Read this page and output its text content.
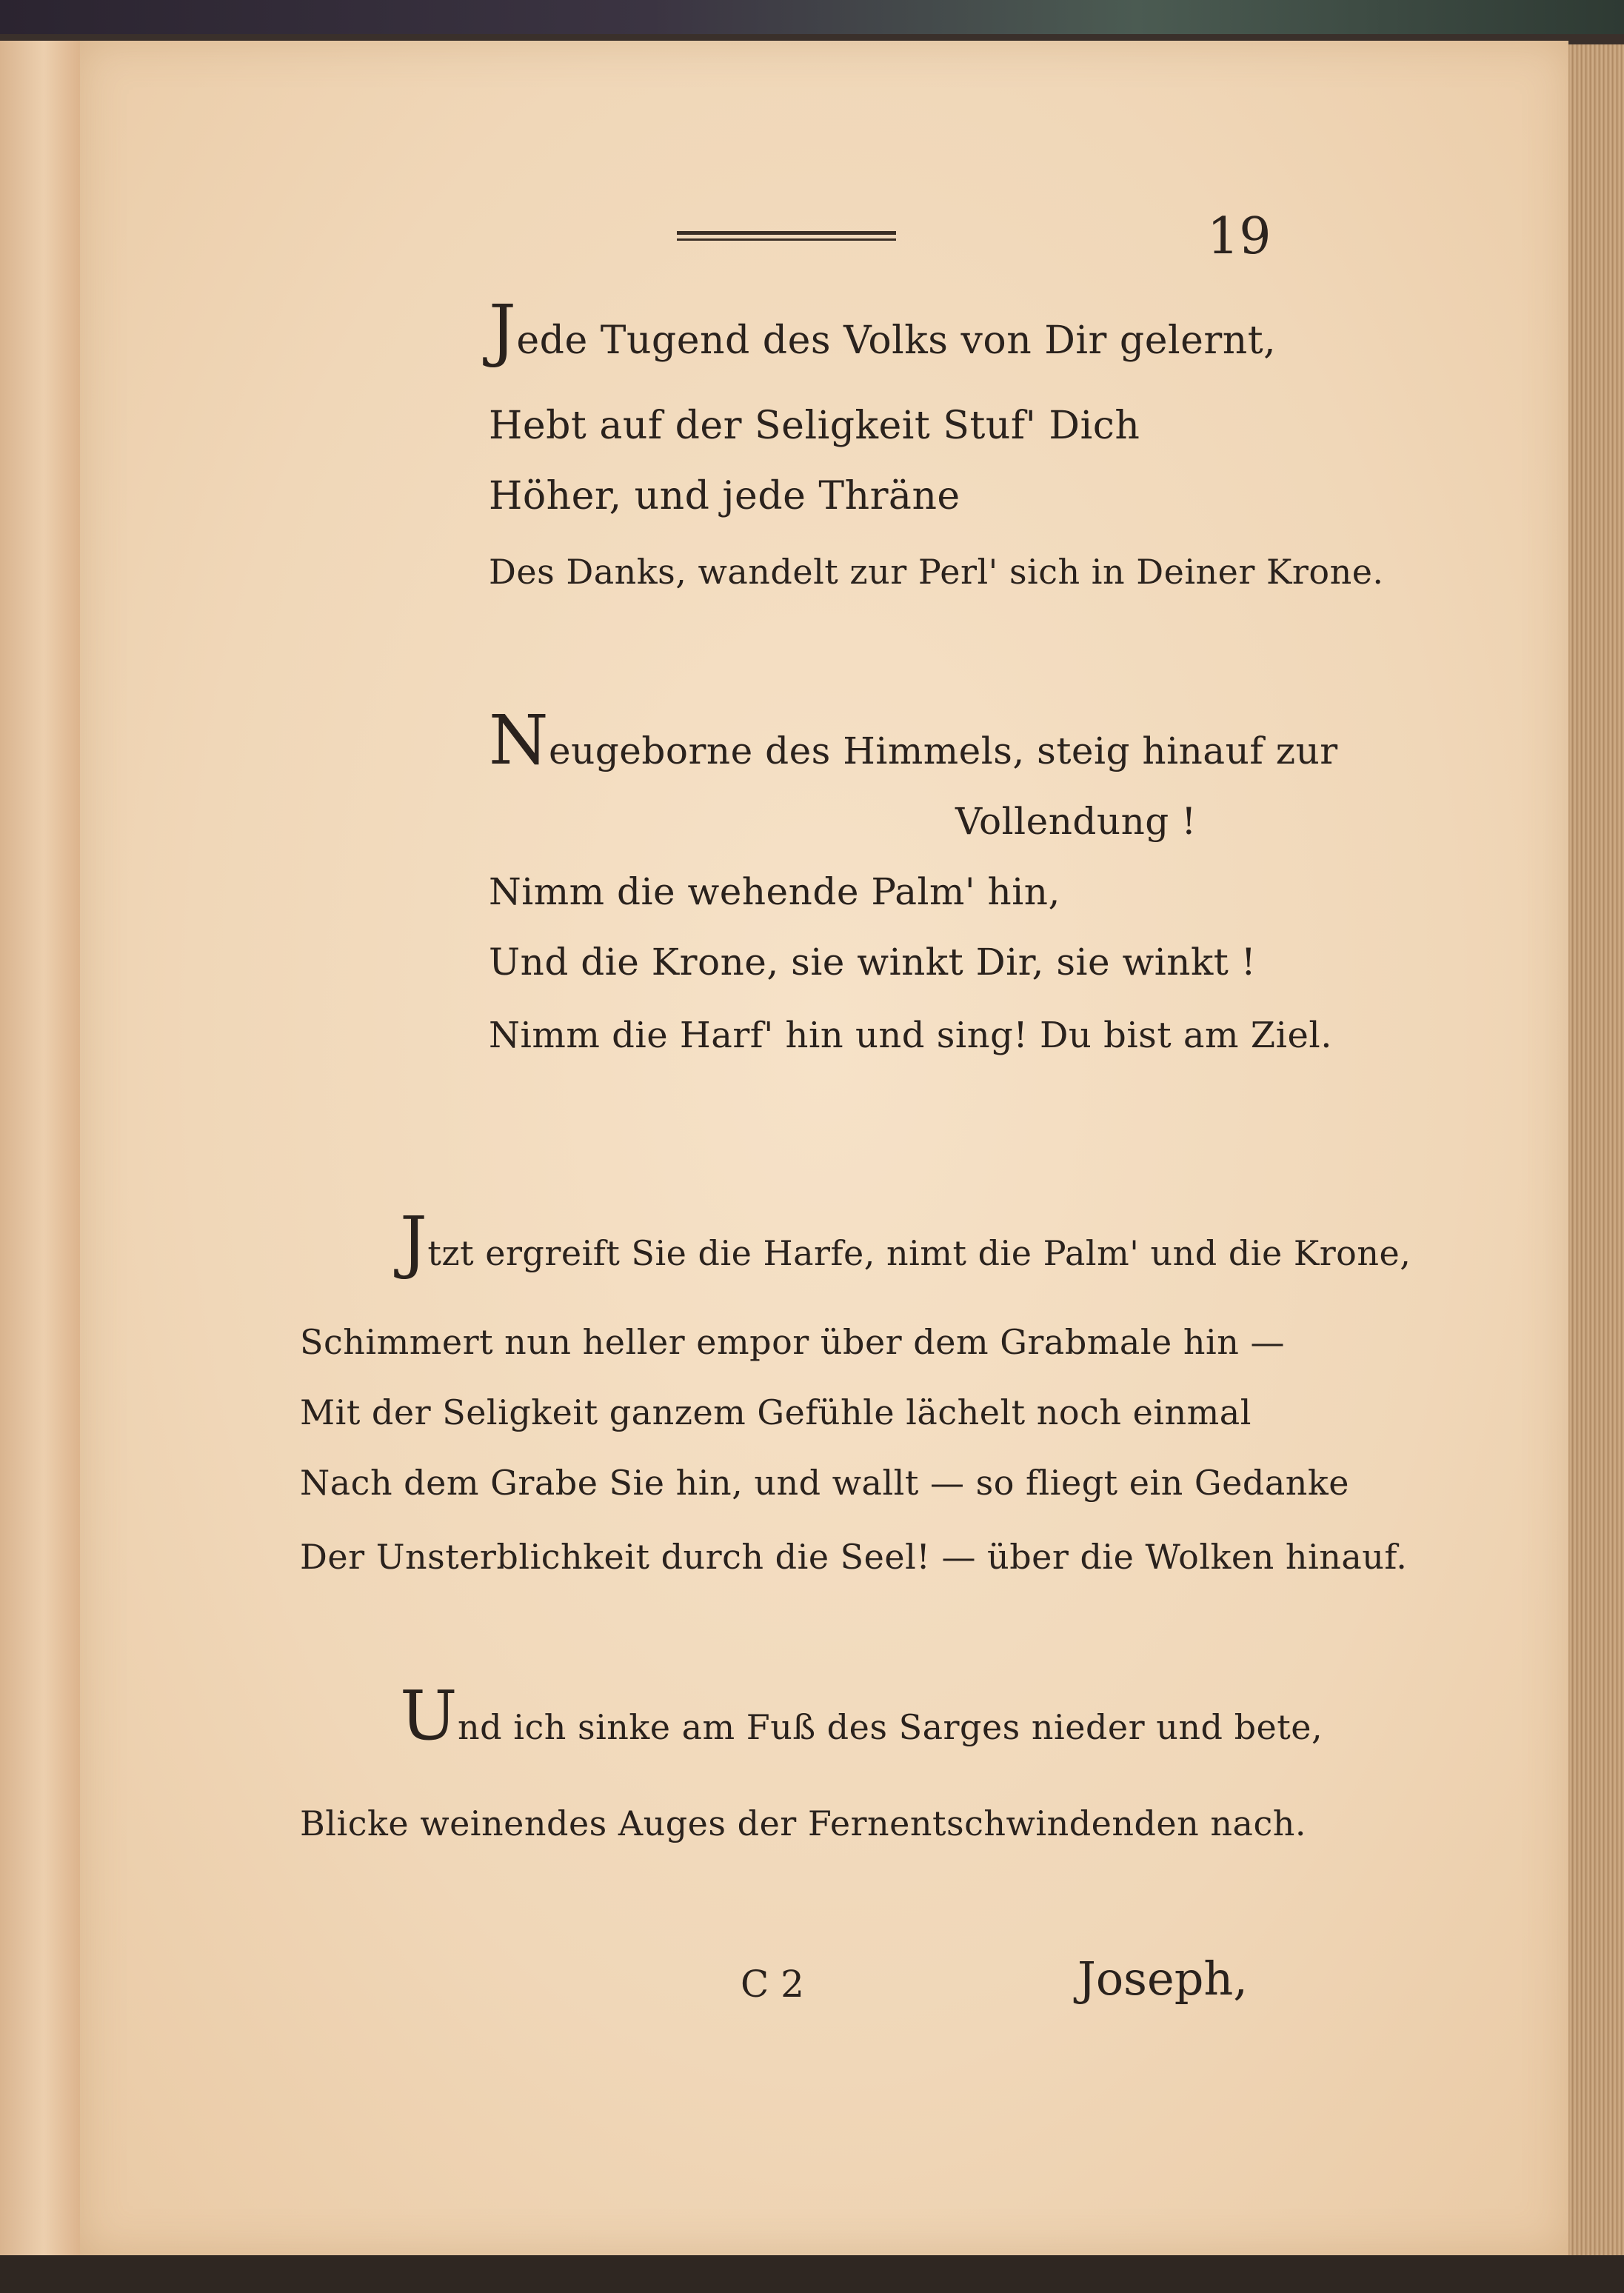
19
Jede Tugend des Volks von Dir gelernt,
Hebt auf der Seligkeit Stuf' Dich
Höher, und jede Thräne
Des Danks, wandelt zur Perl' sich in Deiner Krone.
Neugeborne des Himmels, steig hinauf zur
Vollendung !
Nimm die wehende Palm' hin,
Und die Krone, sie winkt Dir, sie winkt !
Nimm die Harf' hin und sing! Du bist am Ziel.
Jtzt ergreift Sie die Harfe, nimt die Palm' und die Krone,
Schimmert nun heller empor über dem Grabmale hin —
Mit der Seligkeit ganzem Gefühle lächelt noch einmal
Nach dem Grabe Sie hin, und wallt — so fliegt ein Gedanke
Der Unsterblichkeit durch die Seel! — über die Wolken hinauf.
Und ich sinke am Fuß des Sarges nieder und bete,
Blicke weinendes Auges der Fernentschwindenden nach.
C 2	Joseph,
